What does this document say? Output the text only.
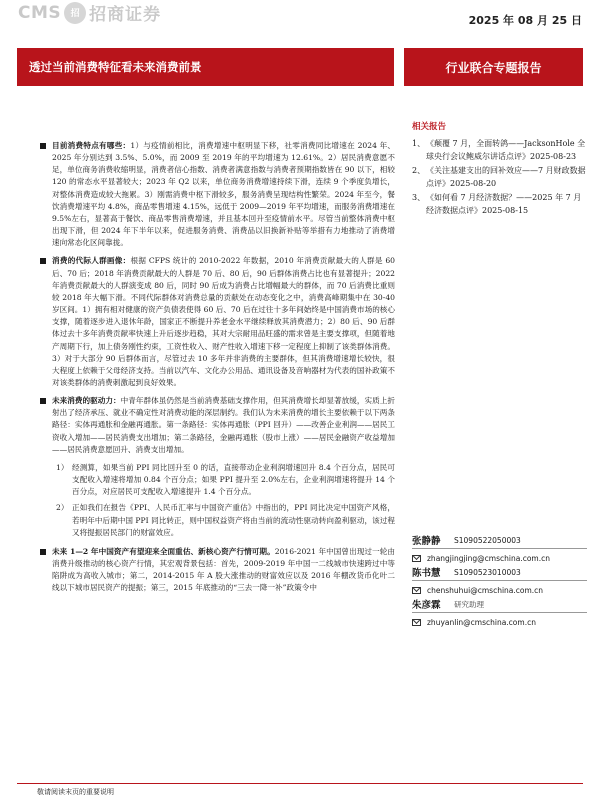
CMS	招 招商证券	2025 年 08 月 25 日
透过当前消费特征看未来消费前景	行业联合专题报告

目前消费特点有哪些：1）与疫情前相比，消费增速中枢明显下移，社零消费同比增速在 2024 年、2025 年分别达到 3.5%、5.0%，而 2009 至 2019 年的平均增速为 12.61%。2）居民消费意愿不足，单位商务消费收缩明显，消费者信心指数、消费者满意指数与消费者预期指数皆在 90 以下，相较 120 的常态水平显著较大；2023 年 Q2 以来，单位商务消费增速持续下滑，连续 9 个季度负增长，对整体消费造成较大拖累。3）刚需消费中枢下滑较多，服务消费呈现结构性繁荣。2024 年至今，餐饮消费增速平均 4.8%，商品零售增速 4.15%，远低于 2009—2019 年平均增速，而服务消费增速在 9.5%左右，显著高于餐饮、商品零售消费增速，并且基本回升至疫情前水平。尽管当前整体消费中枢出现下滑，但 2024 年下半年以来，促进服务消费、消费品以旧换新补贴等举措有力地推动了消费增速向常态化区间靠拢。

消费的代际人群画像：根据 CFPS 统计的 2010-2022 年数据，2010 年消费贡献最大的人群是 60 后、70 后；2018 年消费贡献最大的人群是 70 后、80 后，90 后群体消费占比也有显著提升；2022 年消费贡献最大的人群演变成 80 后，同时 90 后成为消费占比增幅最大的群体，而 70 后消费比重则较 2018 年大幅下滑。不同代际群体对消费总量的贡献处在动态变化之中，消费高峰期集中在 30-40 岁区间。1）拥有相对健康的资产负债表使得 60 后、70 后在过往十多年间始终是中国消费市场的核心支撑，随着逐步进入退休年龄，国家正不断提升养老金水平继续释放其消费潜力；2）80 后、90 后群体过去十多年消费贡献率快速上升后逐步趋稳，其对大宗耐用品旺盛的需求曾是主要支撑项，但随着地产周期下行，加上债务刚性约束，工资性收入、财产性收入增速下移一定程度上抑制了该类群体消费。3）对于大部分 90 后群体而言，尽管过去 10 多年并非消费的主要群体，但其消费增速增长较快，很大程度上依赖于父母经济支持。当前以汽车、文化办公用品、通讯设备及音响器材为代表的国补政策不对该类群体的消费刺激起到良好效果。

未来消费的驱动力：中青年群体虽仍然是当前消费基础支撑作用，但其消费增长却显著放缓，实质上折射出了经济承压、就业不确定性对消费动能的深层制约。我们认为未来消费的增长主要依赖于以下两条路径：实体再通胀和金融再通胀。第一条路径：实体再通胀（PPI 回升）——改善企业利润——居民工资收入增加——居民消费支出增加；第二条路径，金融再通胀（股市上涨）——居民金融资产收益增加——居民消费意愿回升、消费支出增加。

1） 经测算，如果当前 PPI 同比回升至 0 的话，直接带动企业利润增速回升 8.4 个百分点，居民可支配收入增速将增加 0.84 个百分点；如果 PPI 提升至 2.0%左右，企业利润增速将提升 14 个百分点，对应居民可支配收入增速提升 1.4 个百分点。
2） 正如我们在报告《PPI、人民币汇率与中国资产重估》中指出的，PPI 同比决定中国资产风格，若明年中后期中国 PPI 同比转正，则中国权益资产将由当前的流动性驱动转向盈利驱动，该过程又将提振居民部门的财富效应。

未来 1—2 年中国资产有望迎来全面重估、新核心资产行情可期。2016-2021 年中国曾出现过一轮由消费升级推动的核心资产行情，其宏观背景包括：首先，2009-2019 年中国一二线城市快速跨过中等陷阱成为高收入城市；第二，2014-2015 年 A 股大涨推动的财富效应以及 2016 年棚改货币化叶二线以下城市居民资产的提振；第三，2015 年底推动的“三去一降一补”政策令中

相关报告
1、 《颠覆 7 月，全面转鸽——JacksonHole 全球央行会议鲍威尔讲话点评》2025-08-23
2、 《关注基建支出的回补效应——7 月财政数据点评》2025-08-20
3、 《如何看 7 月经济数据？——2025 年 7 月经济数据点评》2025-08-15
张静静	S1090522050003
zhangjingjing@cmschina.com.cn
陈书慧	S1090523010003
chenshuhui@cmschina.com.cn
朱彦霖	研究助理
zhuyanlin@cmschina.com.cn
敬请阅读末页的重要说明
